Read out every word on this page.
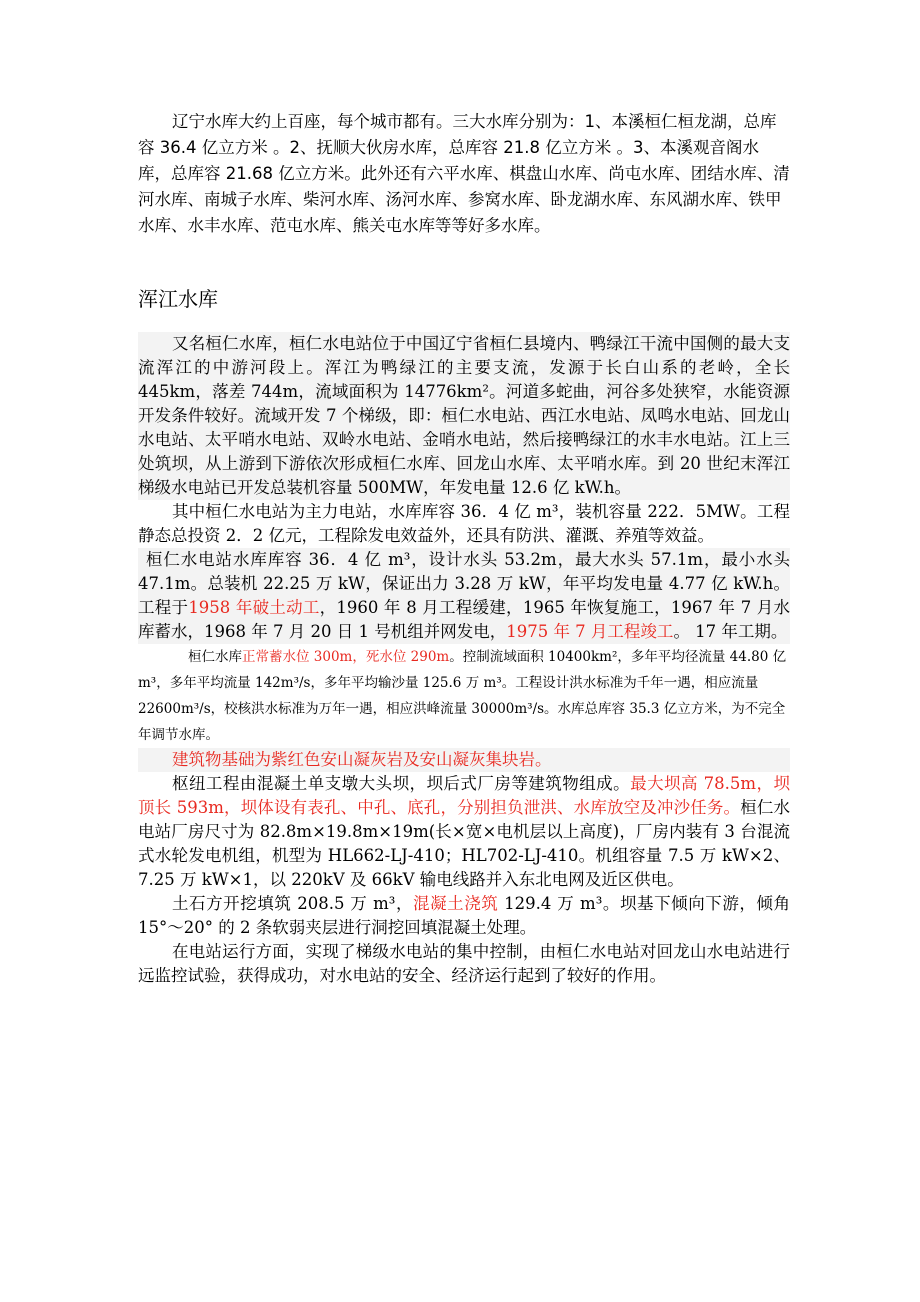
辽宁水库大约上百座，每个城市都有。三大水库分别为：1、本溪桓仁桓龙湖，总库容 36.4 亿立方米 。2、抚顺大伙房水库，总库容 21.8 亿立方米 。3、本溪观音阁水库，总库容 21.68 亿立方米。此外还有六平水库、棋盘山水库、尚屯水库、团结水库、清河水库、南城子水库、柴河水库、汤河水库、参窝水库、卧龙湖水库、东风湖水库、铁甲水库、水丰水库、范屯水库、熊关屯水库等等好多水库。

浑江水库

又名桓仁水库，桓仁水电站位于中国辽宁省桓仁县境内、鸭绿江干流中国侧的最大支流浑江的中游河段上。浑江为鸭绿江的主要支流，发源于长白山系的老岭，全长 445km，落差 744m，流域面积为 14776km²。河道多蛇曲，河谷多处狭窄，水能资源开发条件较好。流域开发 7 个梯级，即：桓仁水电站、西江水电站、凤鸣水电站、回龙山水电站、太平哨水电站、双岭水电站、金哨水电站，然后接鸭绿江的水丰水电站。江上三处筑坝，从上游到下游依次形成桓仁水库、回龙山水库、太平哨水库。到 20 世纪末浑江梯级水电站已开发总装机容量 500MW，年发电量 12.6 亿 kW.h。

其中桓仁水电站为主力电站，水库库容 36．4 亿 m³，装机容量 222．5MW。工程静态总投资 2．2 亿元，工程除发电效益外，还具有防洪、灌溉、养殖等效益。

桓仁水电站水库库容 36．4 亿 m³，设计水头 53.2m，最大水头 57.1m，最小水头 47.1m。总装机 22.25 万 kW，保证出力 3.28 万 kW，年平均发电量 4.77 亿 kW.h。工程于1958 年破土动工，1960 年 8 月工程缓建，1965 年恢复施工，1967 年 7 月水库蓄水，1968 年 7 月 20 日 1 号机组并网发电，1975 年 7 月工程竣工。 17 年工期。

桓仁水库正常蓄水位 300m，死水位 290m。控制流域面积 10400km²，多年平均径流量 44.80 亿 m³，多年平均流量 142m³/s，多年平均输沙量 125.6 万 m³。工程设计洪水标准为千年一遇，相应流量 22600m³/s，校核洪水标准为万年一遇，相应洪峰流量 30000m³/s。水库总库容 35.3 亿立方米，为不完全年调节水库。

建筑物基础为紫红色安山凝灰岩及安山凝灰集块岩。

枢纽工程由混凝土单支墩大头坝，坝后式厂房等建筑物组成。最大坝高 78.5m，坝顶长 593m，坝体设有表孔、中孔、底孔，分别担负泄洪、水库放空及冲沙任务。桓仁水电站厂房尺寸为 82.8m×19.8m×19m(长×宽×电机层以上高度)，厂房内装有 3 台混流式水轮发电机组，机型为 HL662-LJ-410；HL702-LJ-410。机组容量 7.5 万 kW×2、7.25 万 kW×1，以 220kV 及 66kV 输电线路并入东北电网及近区供电。

土石方开挖填筑 208.5 万 m³，混凝土浇筑 129.4 万 m³。坝基下倾向下游，倾角 15°～20° 的 2 条软弱夹层进行洞挖回填混凝土处理。

在电站运行方面，实现了梯级水电站的集中控制，由桓仁水电站对回龙山水电站进行远监控试验，获得成功，对水电站的安全、经济运行起到了较好的作用。
